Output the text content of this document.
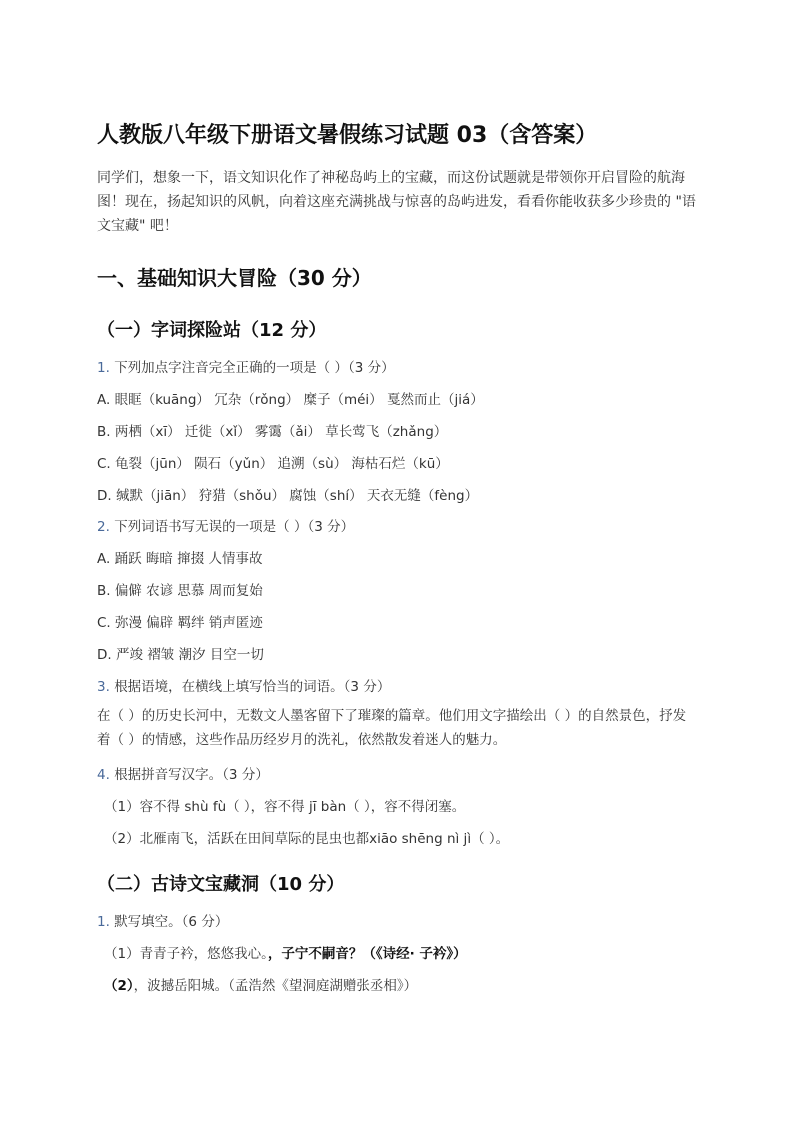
人教版八年级下册语文暑假练习试题 03（含答案）
同学们，想象一下，语文知识化作了神秘岛屿上的宝藏，而这份试题就是带领你开启冒险的航海图！现在，扬起知识的风帆，向着这座充满挑战与惊喜的岛屿进发，看看你能收获多少珍贵的 "语文宝藏" 吧！
一、基础知识大冒险（30 分）
（一）字词探险站（12 分）
1. 下列加点字注音完全正确的一项是（ ）（3 分）
A. 眼眶（kuāng） 冗杂（rǒng） 糜子（méi） 戛然而止（jiá）
B. 两栖（xī） 迁徙（xǐ） 雾霭（ǎi） 草长莺飞（zhǎng）
C. 龟裂（jūn） 陨石（yǔn） 追溯（sù） 海枯石烂（kū）
D. 缄默（jiān） 狩猎（shǒu） 腐蚀（shí） 天衣无缝（fèng）
2. 下列词语书写无误的一项是（ ）（3 分）
A. 踊跃 晦暗 撺掇 人情事故
B. 偏僻 农谚 思慕 周而复始
C. 弥漫 偏辟 羁绊 销声匿迹
D. 严竣 褶皱 潮汐 目空一切
3. 根据语境，在横线上填写恰当的词语。（3 分）
在（ ）的历史长河中，无数文人墨客留下了璀璨的篇章。他们用文字描绘出（ ）的自然景色，抒发着（ ）的情感，这些作品历经岁月的洗礼，依然散发着迷人的魅力。
4. 根据拼音写汉字。（3 分）
（1）容不得 shù fù（ ），容不得 jī bàn（ ），容不得闭塞。
（2）北雁南飞，活跃在田间草际的昆虫也都xiāo shēng nì jì（ ）。
（二）古诗文宝藏洞（10 分）
1. 默写填空。（6 分）
（1）青青子衿，悠悠我心。，子宁不嗣音？（《诗经· 子衿》）
（2），波撼岳阳城。（孟浩然《望洞庭湖赠张丞相》）
